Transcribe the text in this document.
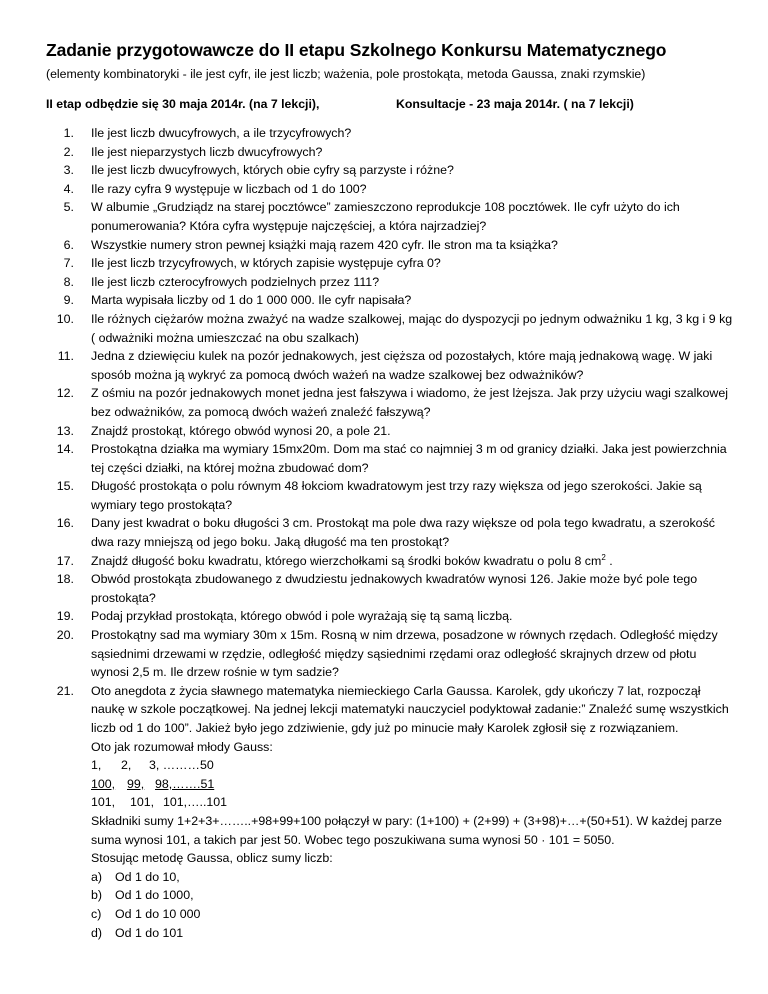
Zadanie przygotowawcze do II etapu Szkolnego Konkursu Matematycznego

(elementy kombinatoryki - ile jest cyfr, ile jest liczb; ważenia, pole prostokąta, metoda Gaussa, znaki rzymskie)

II etap odbędzie się 30 maja 2014r. (na 7 lekcji),	Konsultacje - 23 maja 2014r. ( na 7 lekcji)
1. Ile jest liczb dwucyfrowych, a ile trzycyfrowych?
2. Ile jest nieparzystych liczb dwucyfrowych?
3. Ile jest liczb dwucyfrowych, których obie cyfry są parzyste i różne?
4. Ile razy cyfra 9 występuje w liczbach od 1 do 100?
5. W albumie „Grudziądz na starej pocztówce” zamieszczono reprodukcje 108 pocztówek. Ile cyfr użyto do ich ponumerowania? Która cyfra występuje najczęściej, a która najrzadziej?
6. Wszystkie numery stron pewnej książki mają razem 420 cyfr. Ile stron ma ta książka?
7. Ile jest liczb trzycyfrowych, w których zapisie występuje cyfra 0?
8. Ile jest liczb czterocyfrowych podzielnych przez 111?
9. Marta wypisała liczby od 1 do 1 000 000. Ile cyfr napisała?
10. Ile różnych ciężarów można zważyć na wadze szalkowej, mając do dyspozycji po jednym odważniku 1 kg, 3 kg i 9 kg ( odważniki można umieszczać na obu szalkach)
11. Jedna z dziewięciu kulek na pozór jednakowych, jest cięższa od pozostałych, które mają jednakową wagę. W jaki sposób można ją wykryć za pomocą dwóch ważeń na wadze szalkowej bez odważników?
12. Z ośmiu na pozór jednakowych monet jedna jest fałszywa i wiadomo, że jest lżejsza. Jak przy użyciu wagi szalkowej bez odważników, za pomocą dwóch ważeń znaleźć fałszywą?
13. Znajdź prostokąt, którego obwód wynosi 20, a pole 21.
14. Prostokątna działka ma wymiary 15mx20m. Dom ma stać co najmniej 3 m od granicy działki. Jaka jest powierzchnia tej części działki, na której można zbudować dom?
15. Długość prostokąta o polu równym 48 łokciom kwadratowym jest trzy razy większa od jego szerokości. Jakie są wymiary tego prostokąta?
16. Dany jest kwadrat o boku długości 3 cm. Prostokąt ma pole dwa razy większe od pola tego kwadratu, a szerokość dwa razy mniejszą od jego boku. Jaką długość ma ten prostokąt?
17. Znajdź długość boku kwadratu, którego wierzchołkami są środki boków kwadratu o polu 8 $cm^2$ .
18. Obwód prostokąta zbudowanego z dwudziestu jednakowych kwadratów wynosi 126. Jakie może być pole tego prostokąta?
19. Podaj przykład prostokąta, którego obwód i pole wyrażają się tą samą liczbą.
20. Prostokątny sad ma wymiary 30m x 15m. Rosną w nim drzewa, posadzone w równych rzędach. Odległość między sąsiednimi drzewami w rzędzie, odległość między sąsiednimi rzędami oraz odległość skrajnych drzew od płotu wynosi 2,5 m. Ile drzew rośnie w tym sadzie?
21. Oto anegdota z życia sławnego matematyka niemieckiego Carla Gaussa. Karolek, gdy ukończy 7 lat, rozpoczął naukę w szkole początkowej. Na jednej lekcji matematyki nauczyciel podyktował zadanie:” Znaleźć sumę wszystkich liczb od 1 do 100”. Jakież było jego zdziwienie, gdy już po minucie mały Karolek zgłosił się z rozwiązaniem.
Oto jak rozumował młody Gauss:
1, 2, 3, ………50
100, 99, 98,…….51
101, 101, 101,…..101
Składniki sumy 1+2+3+……..+98+99+100 połączył w pary: (1+100) + (2+99) + (3+98)+…+(50+51). W każdej parze suma wynosi 101, a takich par jest 50. Wobec tego poszukiwana suma wynosi 50 · 101 = 5050.
Stosując metodę Gaussa, oblicz sumy liczb:
a) Od 1 do 10,
b) Od 1 do 1000,
c) Od 1 do 10 000
d) Od 1 do 101
